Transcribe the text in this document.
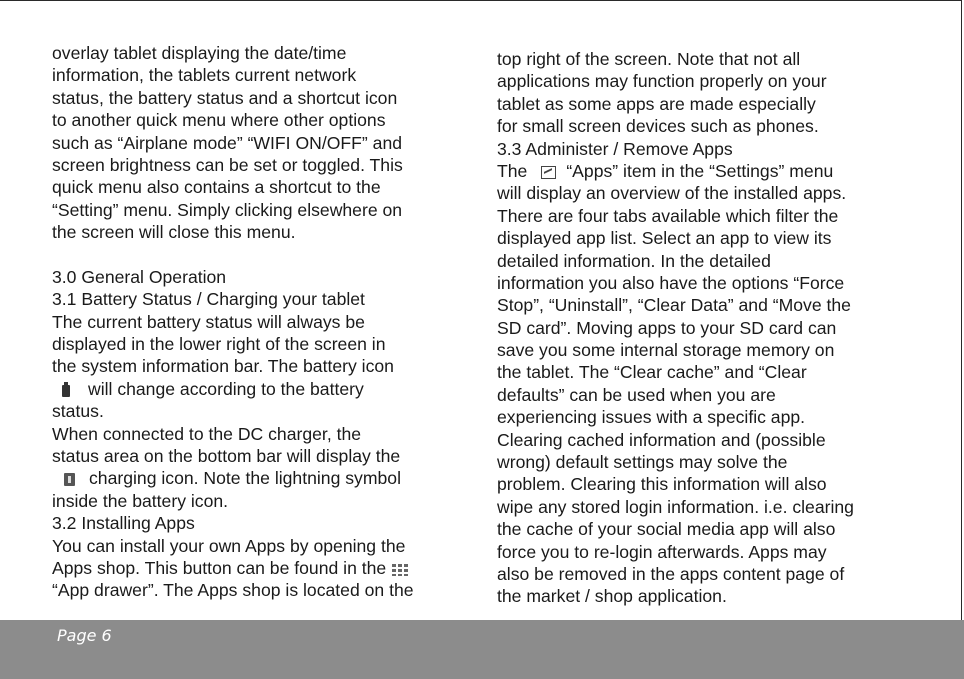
overlay tablet displaying the date/time
information, the tablets current network
status, the battery status and a shortcut icon
to another quick menu where other options
such as “Airplane mode” “WIFI ON/OFF” and
screen brightness can be set or toggled. This
quick menu also contains a shortcut to the
“Setting” menu. Simply clicking elsewhere on
the screen will close this menu.
3.0 General Operation
3.1 Battery Status / Charging your tablet
The current battery status will always be
displayed in the lower right of the screen in
the system information bar. The battery icon
will change according to the battery
status.
When connected to the DC charger, the
status area on the bottom bar will display the
charging icon. Note the lightning symbol
inside the battery icon.
3.2 Installing Apps
You can install your own Apps by opening the
Apps shop. This button can be found in the
“App drawer”. The Apps shop is located on the
top right of the screen. Note that not all
applications may function properly on your
tablet as some apps are made especially
for small screen devices such as phones.
3.3 Administer / Remove Apps
The “Apps” item in the “Settings” menu
will display an overview of the installed apps.
There are four tabs available which filter the
displayed app list. Select an app to view its
detailed information. In the detailed
information you also have the options “Force
Stop”, “Uninstall”, “Clear Data” and “Move the
SD card”. Moving apps to your SD card can
save you some internal storage memory on
the tablet. The “Clear cache” and “Clear
defaults” can be used when you are
experiencing issues with a specific app.
Clearing cached information and (possible
wrong) default settings may solve the
problem. Clearing this information will also
wipe any stored login information. i.e. clearing
the cache of your social media app will also
force you to re-login afterwards. Apps may
also be removed in the apps content page of
the market / shop application.
Page 6
